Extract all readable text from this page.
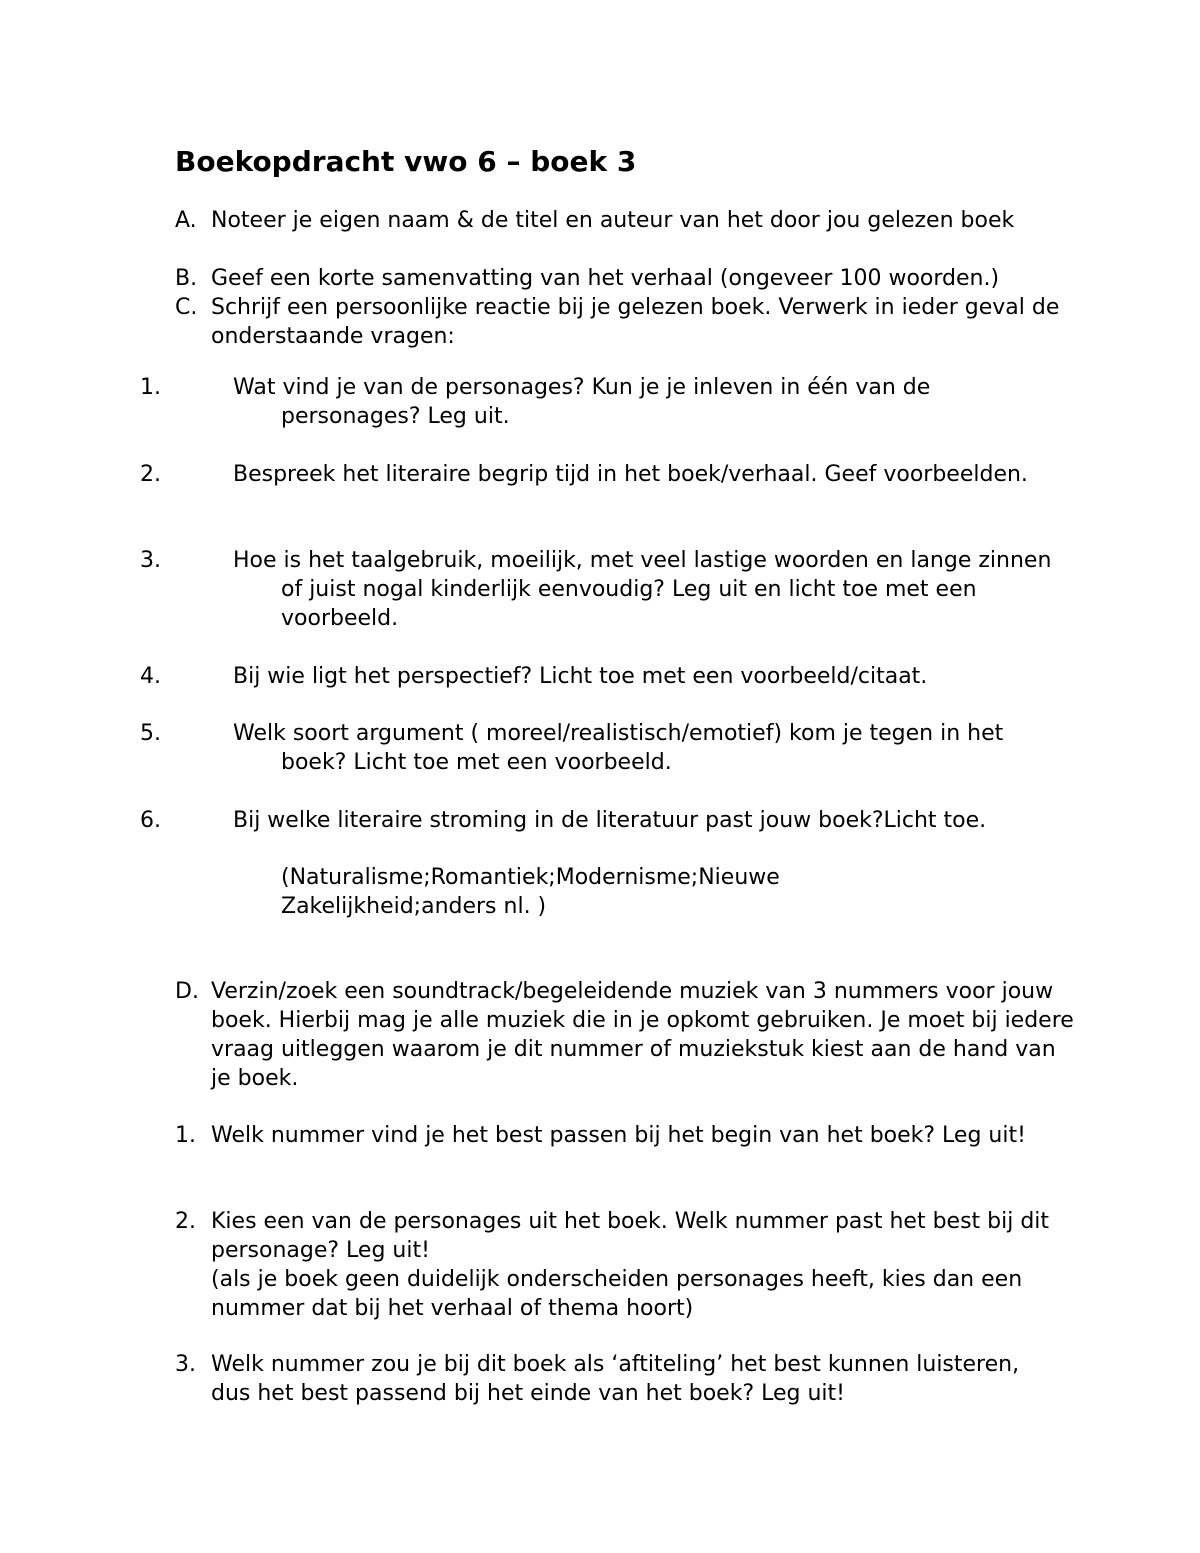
Boekopdracht vwo 6 – boek 3
A. Noteer je eigen naam & de titel en auteur van het door jou gelezen boek
B. Geef een korte samenvatting van het verhaal (ongeveer 100 woorden.)
C. Schrijf een persoonlijke reactie bij je gelezen boek. Verwerk in ieder geval de onderstaande vragen:
1.	Wat vind je van de personages? Kun je je inleven in één van de personages? Leg uit.
2.	Bespreek het literaire begrip tijd in het boek/verhaal. Geef voorbeelden.
3.	Hoe is het taalgebruik, moeilijk, met veel lastige woorden en lange zinnen of juist nogal kinderlijk eenvoudig? Leg uit en licht toe met een voorbeeld.
4.	Bij wie ligt het perspectief? Licht toe met een voorbeeld/citaat.
5.	Welk soort argument ( moreel/realistisch/emotief) kom je tegen in het boek? Licht toe met een voorbeeld.
6.	Bij welke literaire stroming in de literatuur past jouw boek?Licht toe.
(Naturalisme;Romantiek;Modernisme;Nieuwe Zakelijkheid;anders nl. )
D. Verzin/zoek een soundtrack/begeleidende muziek van 3 nummers voor jouw boek. Hierbij mag je alle muziek die in je opkomt gebruiken. Je moet bij iedere vraag uitleggen waarom je dit nummer of muziekstuk kiest aan de hand van je boek.
1. Welk nummer vind je het best passen bij het begin van het boek? Leg uit!
2. Kies een van de personages uit het boek. Welk nummer past het best bij dit personage? Leg uit!
(als je boek geen duidelijk onderscheiden personages heeft, kies dan een nummer dat bij het verhaal of thema hoort)
3. Welk nummer zou je bij dit boek als ‘aftiteling’ het best kunnen luisteren, dus het best passend bij het einde van het boek? Leg uit!
